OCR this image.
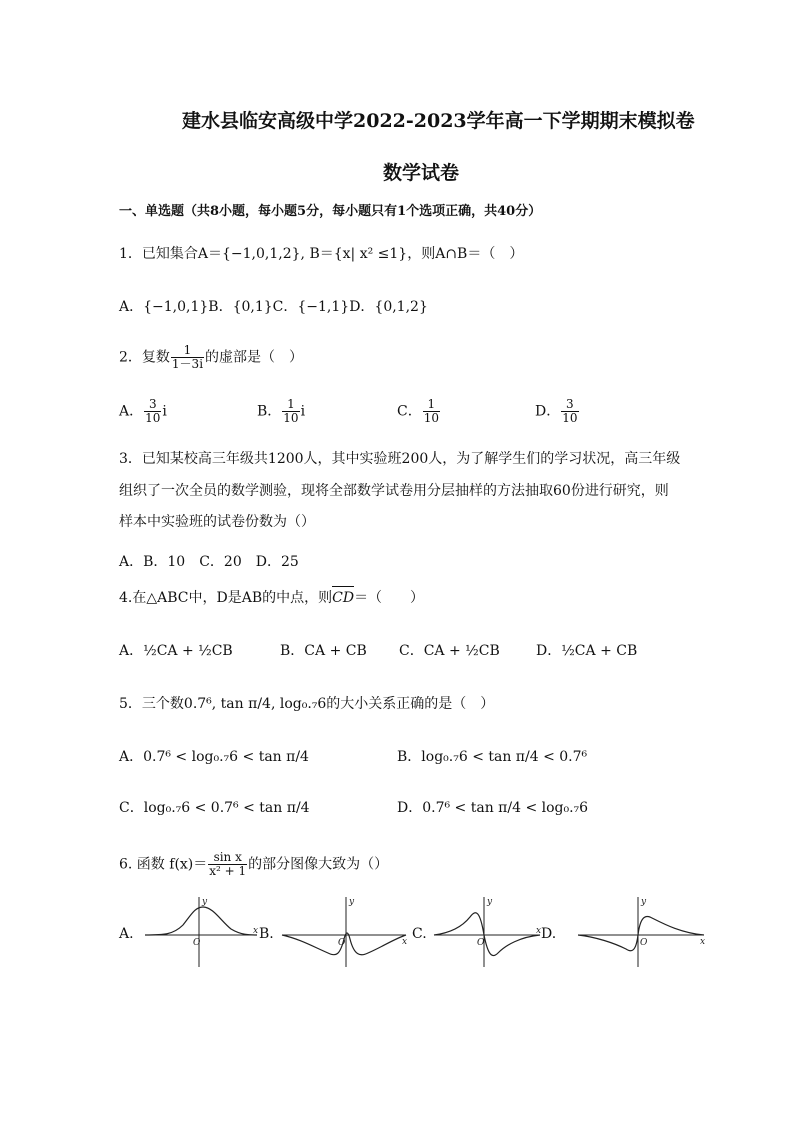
建水县临安高级中学2022-2023学年高一下学期期末模拟卷
数学试卷
一、单选题（共8小题，每小题5分，每小题只有1个选项正确，共40分）
1．已知集合A＝{−1,0,1,2}, B＝{x| x² ≤1}，则A∩B＝（　）
A．{−1,0,1}B．{0,1}C．{−1,1}D．{0,1,2}
2．复数 $\frac{1}{1-3i}$ 的虚部是（　）
A． $\frac{3}{10}$ i	B． $\frac{1}{10}$ i	C． $\frac{1}{10}$	D． $\frac{3}{10}$
3．已知某校高三年级共1200人，其中实验班200人，为了解学生们的学习状况，高三年级
组织了一次全员的数学测验，现将全部数学试卷用分层抽样的方法抽取60份进行研究，则
样本中实验班的试卷份数为（）
A．B．10　C．20　D．25
4.在△ABC中，D是AB的中点，则CD＝（　　）
A．½CA + ½CB	B．CA + CB C．CA + ½CB	D．½CA + CB
5．三个数0.7⁶, tan π/4, log₀.₇6的大小关系正确的是（　）
A．0.7⁶ < log₀.₇6 < tan π/4	B．log₀.₇6 < tan π/4 < 0.7⁶
C．log₀.₇6 < 0.7⁶ < tan π/4	D．0.7⁶ < tan π/4 < log₀.₇6
6. 函数 $f(x)= \frac{\text{sin x}}{\text{x² + 1}}$ 的部分图像大致为（）
A.	B.	C.	D.
y
x
O
y
x
O
y
x
O
y
x
O
